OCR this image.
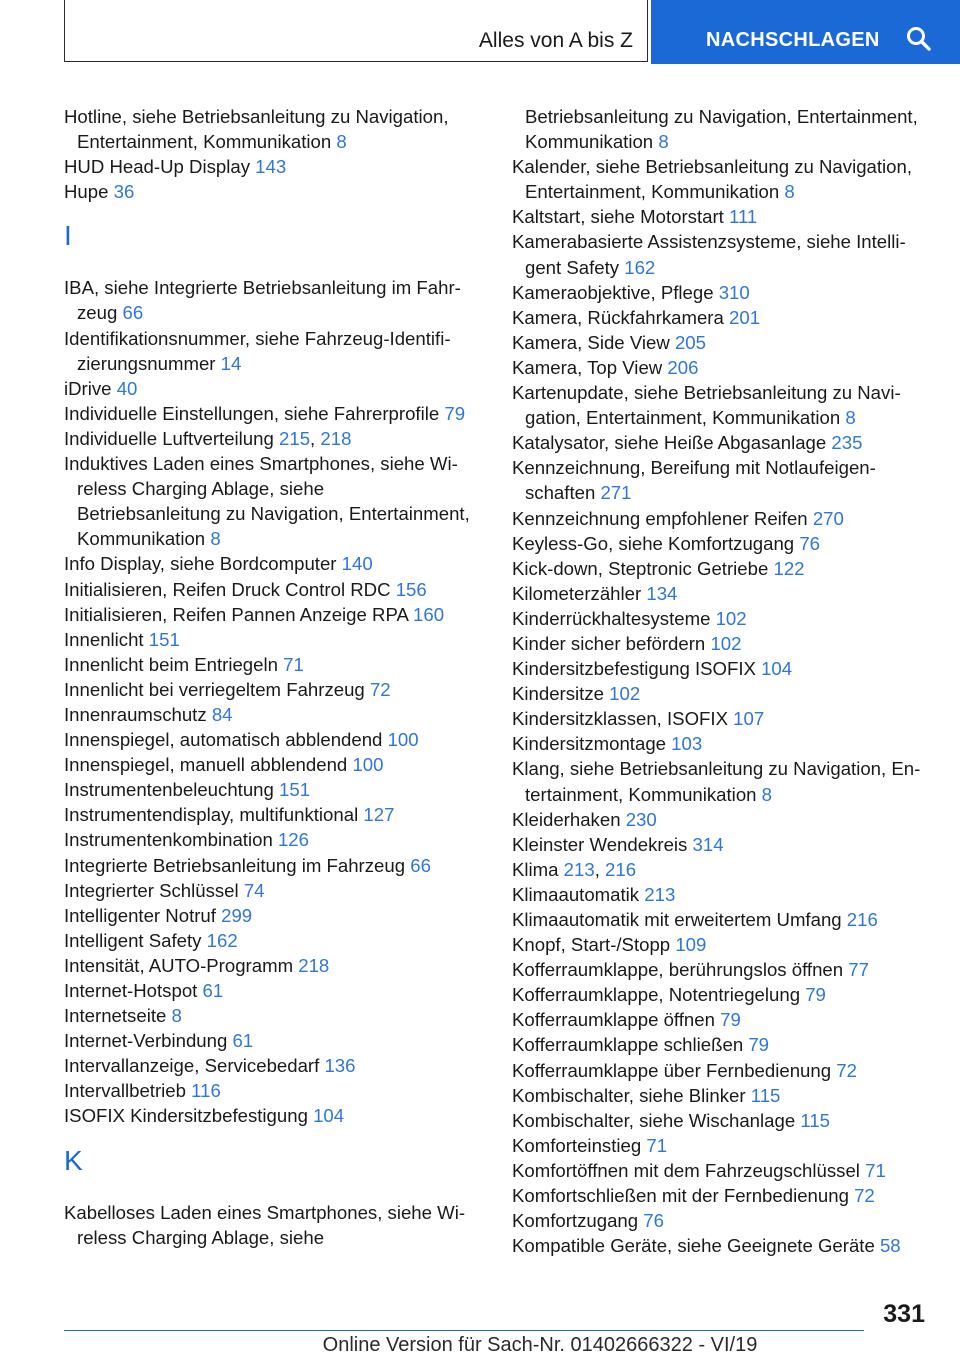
Alles von A bis Z	NACHSCHLAGEN
Hotline, siehe Betriebsanleitung zu Navigation,
Entertainment, Kommunikation 8
HUD Head-Up Display 143
Hupe 36
I
IBA, siehe Integrierte Betriebsanleitung im Fahr-
zeug 66
Identifikationsnummer, siehe Fahrzeug-Identifi-
zierungsnummer 14
iDrive 40
Individuelle Einstellungen, siehe Fahrerprofile 79
Individuelle Luftverteilung 215, 218
Induktives Laden eines Smartphones, siehe Wi-
reless Charging Ablage, siehe
Betriebsanleitung zu Navigation, Entertainment,
Kommunikation 8
Info Display, siehe Bordcomputer 140
Initialisieren, Reifen Druck Control RDC 156
Initialisieren, Reifen Pannen Anzeige RPA 160
Innenlicht 151
Innenlicht beim Entriegeln 71
Innenlicht bei verriegeltem Fahrzeug 72
Innenraumschutz 84
Innenspiegel, automatisch abblendend 100
Innenspiegel, manuell abblendend 100
Instrumentenbeleuchtung 151
Instrumentendisplay, multifunktional 127
Instrumentenkombination 126
Integrierte Betriebsanleitung im Fahrzeug 66
Integrierter Schlüssel 74
Intelligenter Notruf 299
Intelligent Safety 162
Intensität, AUTO-Programm 218
Internet-Hotspot 61
Internetseite 8
Internet-Verbindung 61
Intervallanzeige, Servicebedarf 136
Intervallbetrieb 116
ISOFIX Kindersitzbefestigung 104
K
Kabelloses Laden eines Smartphones, siehe Wi-
reless Charging Ablage, siehe
Betriebsanleitung zu Navigation, Entertainment,
Kommunikation 8
Kalender, siehe Betriebsanleitung zu Navigation,
Entertainment, Kommunikation 8
Kaltstart, siehe Motorstart 111
Kamerabasierte Assistenzsysteme, siehe Intelli-
gent Safety 162
Kameraobjektive, Pflege 310
Kamera, Rückfahrkamera 201
Kamera, Side View 205
Kamera, Top View 206
Kartenupdate, siehe Betriebsanleitung zu Navi-
gation, Entertainment, Kommunikation 8
Katalysator, siehe Heiße Abgasanlage 235
Kennzeichnung, Bereifung mit Notlaufeigen-
schaften 271
Kennzeichnung empfohlener Reifen 270
Keyless-Go, siehe Komfortzugang 76
Kick-down, Steptronic Getriebe 122
Kilometerzähler 134
Kinderrückhaltesysteme 102
Kinder sicher befördern 102
Kindersitzbefestigung ISOFIX 104
Kindersitze 102
Kindersitzklassen, ISOFIX 107
Kindersitzmontage 103
Klang, siehe Betriebsanleitung zu Navigation, En-
tertainment, Kommunikation 8
Kleiderhaken 230
Kleinster Wendekreis 314
Klima 213, 216
Klimaautomatik 213
Klimaautomatik mit erweitertem Umfang 216
Knopf, Start-/Stopp 109
Kofferraumklappe, berührungslos öffnen 77
Kofferraumklappe, Notentriegelung 79
Kofferraumklappe öffnen 79
Kofferraumklappe schließen 79
Kofferraumklappe über Fernbedienung 72
Kombischalter, siehe Blinker 115
Kombischalter, siehe Wischanlage 115
Komforteinstieg 71
Komfortöffnen mit dem Fahrzeugschlüssel 71
Komfortschließen mit der Fernbedienung 72
Komfortzugang 76
Kompatible Geräte, siehe Geeignete Geräte 58
331
Online Version für Sach-Nr. 01402666322 - VI/19
